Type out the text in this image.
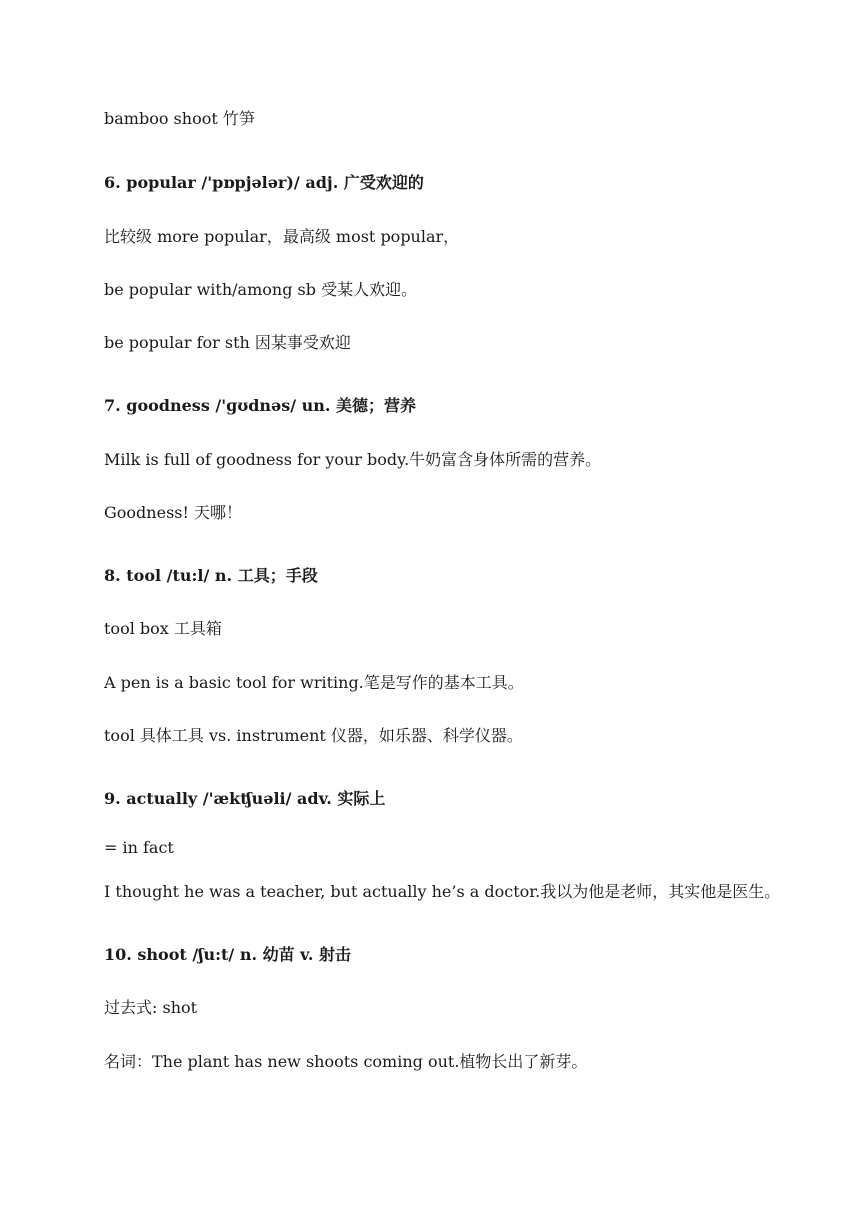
bamboo shoot 竹笋
6. popular /'pɒpjələr)/ adj. 广受欢迎的
比较级 more popular，最高级 most popular，
be popular with/among sb 受某人欢迎。
be popular for sth 因某事受欢迎
7. goodness /'ɡʊdnəs/ un. 美德；营养
Milk is full of goodness for your body.牛奶富含身体所需的营养。
Goodness! 天哪！
8. tool /tu:l/ n. 工具；手段
tool box 工具箱
A pen is a basic tool for writing.笔是写作的基本工具。
tool 具体工具 vs. instrument 仪器，如乐器、科学仪器。
9. actually /'ækʧuəli/ adv. 实际上
= in fact
I thought he was a teacher, but actually he’s a doctor.我以为他是老师，其实他是医生。
10. shoot /ʃu:t/ n. 幼苗 v. 射击
过去式: shot
名词：The plant has new shoots coming out.植物长出了新芽。
